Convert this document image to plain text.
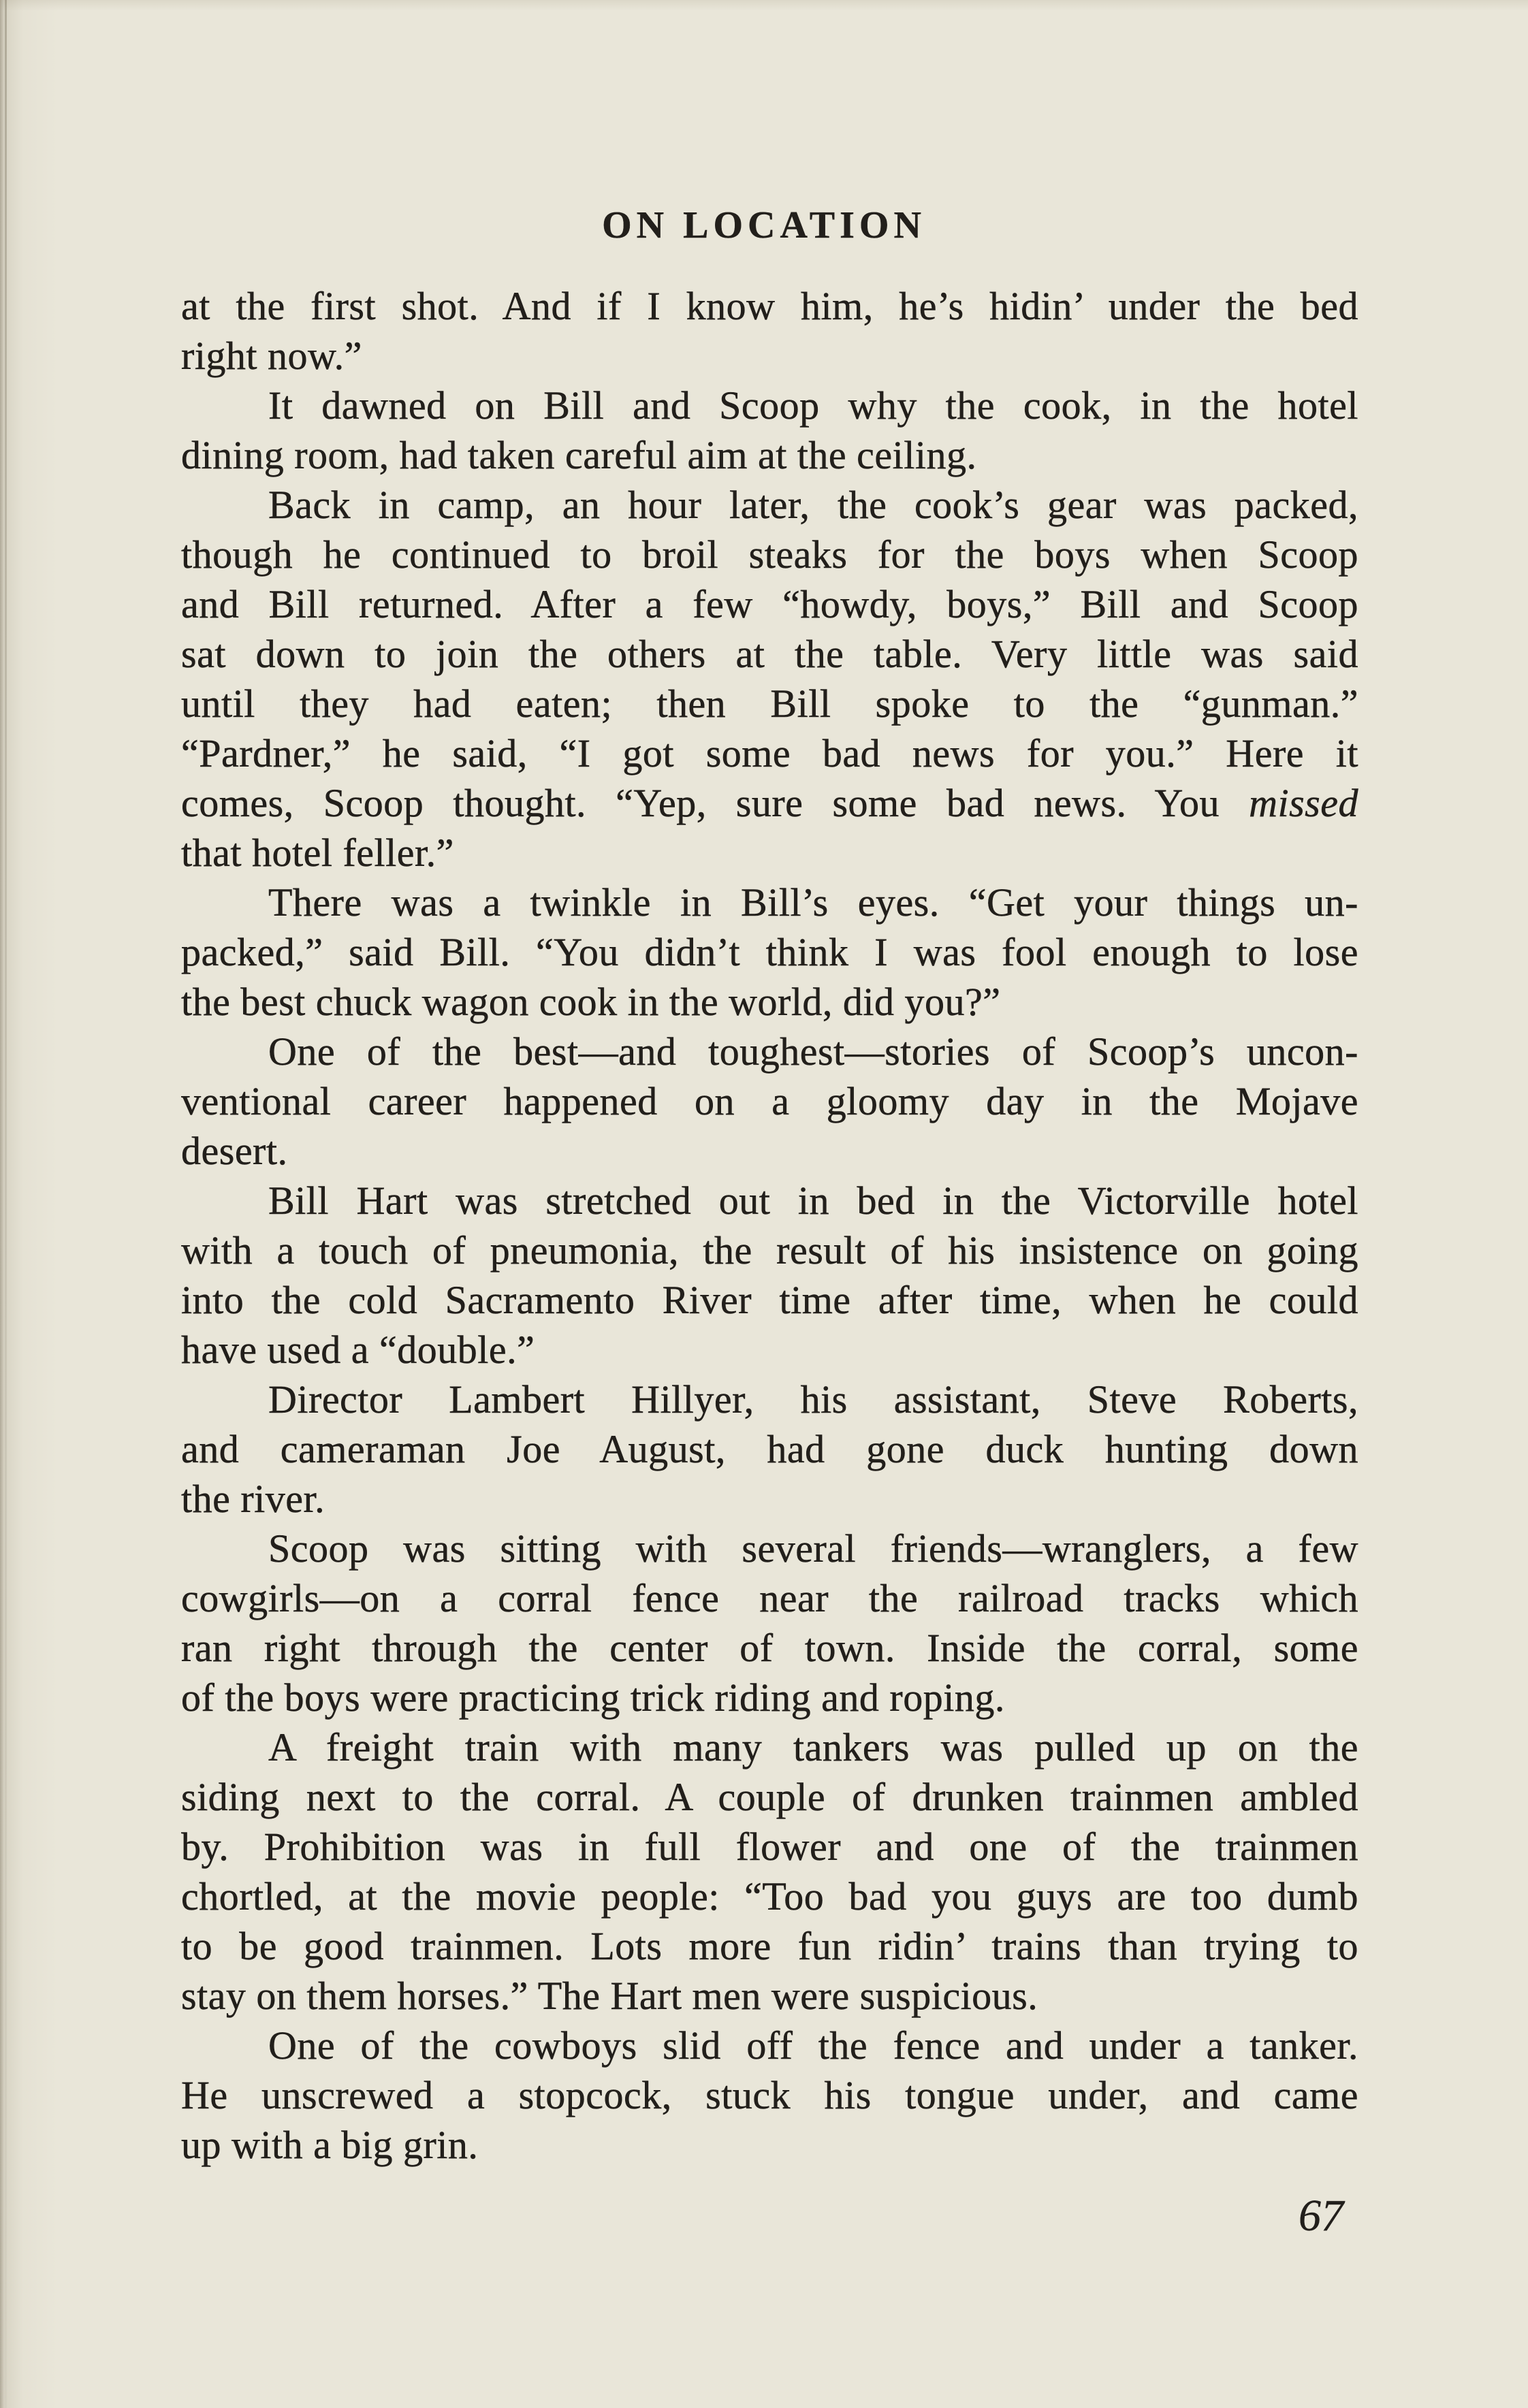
ON LOCATION
at the first shot. And if I know him, he’s hidin’ under the bed
right now.”
It dawned on Bill and Scoop why the cook, in the hotel
dining room, had taken careful aim at the ceiling.
Back in camp, an hour later, the cook’s gear was packed,
though he continued to broil steaks for the boys when Scoop
and Bill returned. After a few “howdy, boys,” Bill and Scoop
sat down to join the others at the table. Very little was said
until they had eaten; then Bill spoke to the “gunman.”
“Pardner,” he said, “I got some bad news for you.” Here it
comes, Scoop thought. “Yep, sure some bad news. You missed
that hotel feller.”
There was a twinkle in Bill’s eyes. “Get your things un-
packed,” said Bill. “You didn’t think I was fool enough to lose
the best chuck wagon cook in the world, did you?”
One of the best—and toughest—stories of Scoop’s uncon-
ventional career happened on a gloomy day in the Mojave
desert.
Bill Hart was stretched out in bed in the Victorville hotel
with a touch of pneumonia, the result of his insistence on going
into the cold Sacramento River time after time, when he could
have used a “double.”
Director Lambert Hillyer, his assistant, Steve Roberts,
and cameraman Joe August, had gone duck hunting down
the river.
Scoop was sitting with several friends—wranglers, a few
cowgirls—on a corral fence near the railroad tracks which
ran right through the center of town. Inside the corral, some
of the boys were practicing trick riding and roping.
A freight train with many tankers was pulled up on the
siding next to the corral. A couple of drunken trainmen ambled
by. Prohibition was in full flower and one of the trainmen
chortled, at the movie people: “Too bad you guys are too dumb
to be good trainmen. Lots more fun ridin’ trains than trying to
stay on them horses.” The Hart men were suspicious.
One of the cowboys slid off the fence and under a tanker.
He unscrewed a stopcock, stuck his tongue under, and came
up with a big grin.
67
